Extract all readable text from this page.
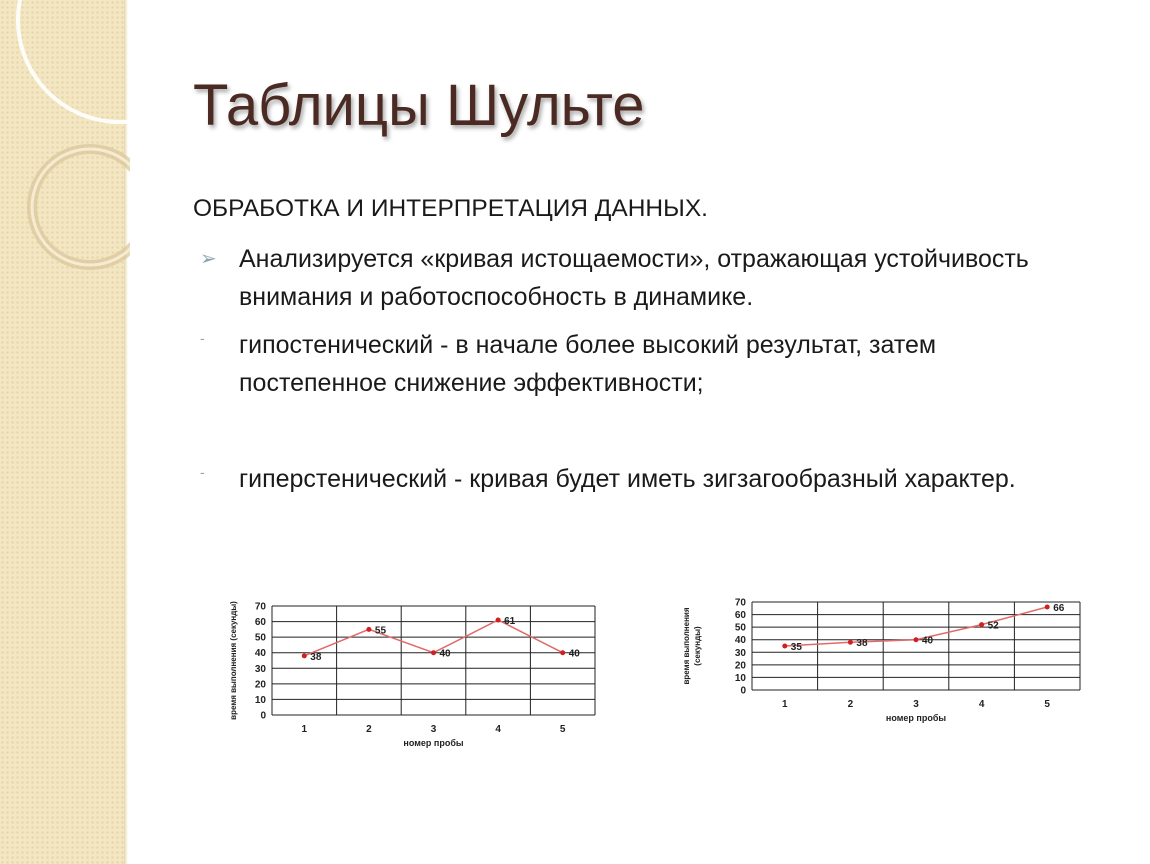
Таблицы Шульте
ОБРАБОТКА И ИНТЕРПРЕТАЦИЯ ДАННЫХ.
➢ Анализируется «кривая истощаемости», отражающая устойчивость внимания и работоспособность в динамике.
- гипостенический - в начале более высокий результат, затем постепенное снижение эффективности;
- гиперстенический - кривая будет иметь зигзагообразный характер.
0
10
20
30
40
50
60
70
1	2	3	4	5
номер пробы
время выполнения (секунды)	38
55
40
61
40
0
10
20
30
40
50
60
70
1	2	3	4	5
номер пробы
время выполнения (секунды)	35	38	40
52
66
